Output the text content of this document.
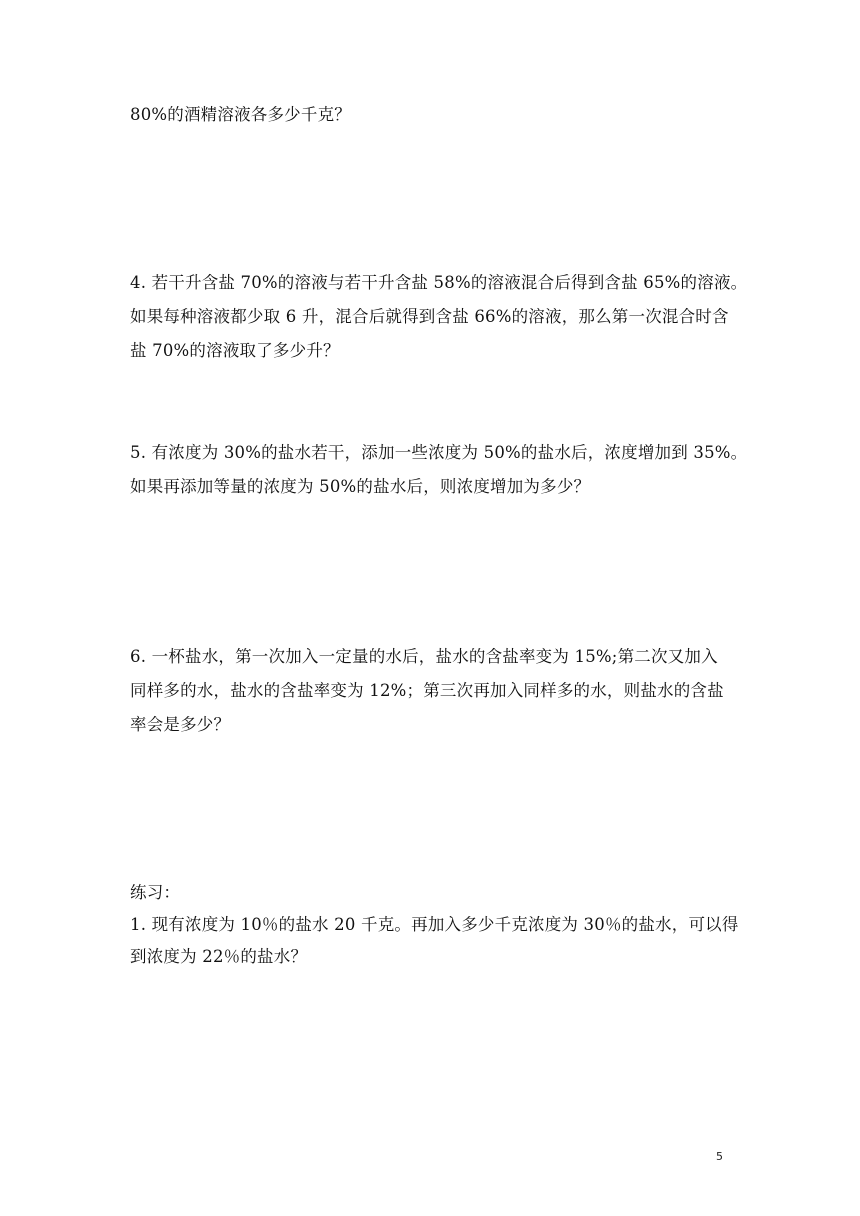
80%的酒精溶液各多少千克？
4. 若干升含盐 70%的溶液与若干升含盐 58%的溶液混合后得到含盐 65%的溶液。
如果每种溶液都少取 6 升，混合后就得到含盐 66%的溶液，那么第一次混合时含
盐 70%的溶液取了多少升？
5. 有浓度为 30%的盐水若干，添加一些浓度为 50%的盐水后，浓度增加到 35%。
如果再添加等量的浓度为 50%的盐水后，则浓度增加为多少？
6. 一杯盐水，第一次加入一定量的水后，盐水的含盐率变为 15%;第二次又加入
同样多的水，盐水的含盐率变为 12%；第三次再加入同样多的水，则盐水的含盐
率会是多少？
练习：
1. 现有浓度为 10％的盐水 20 千克。再加入多少千克浓度为 30％的盐水，可以得
到浓度为 22％的盐水？
5
